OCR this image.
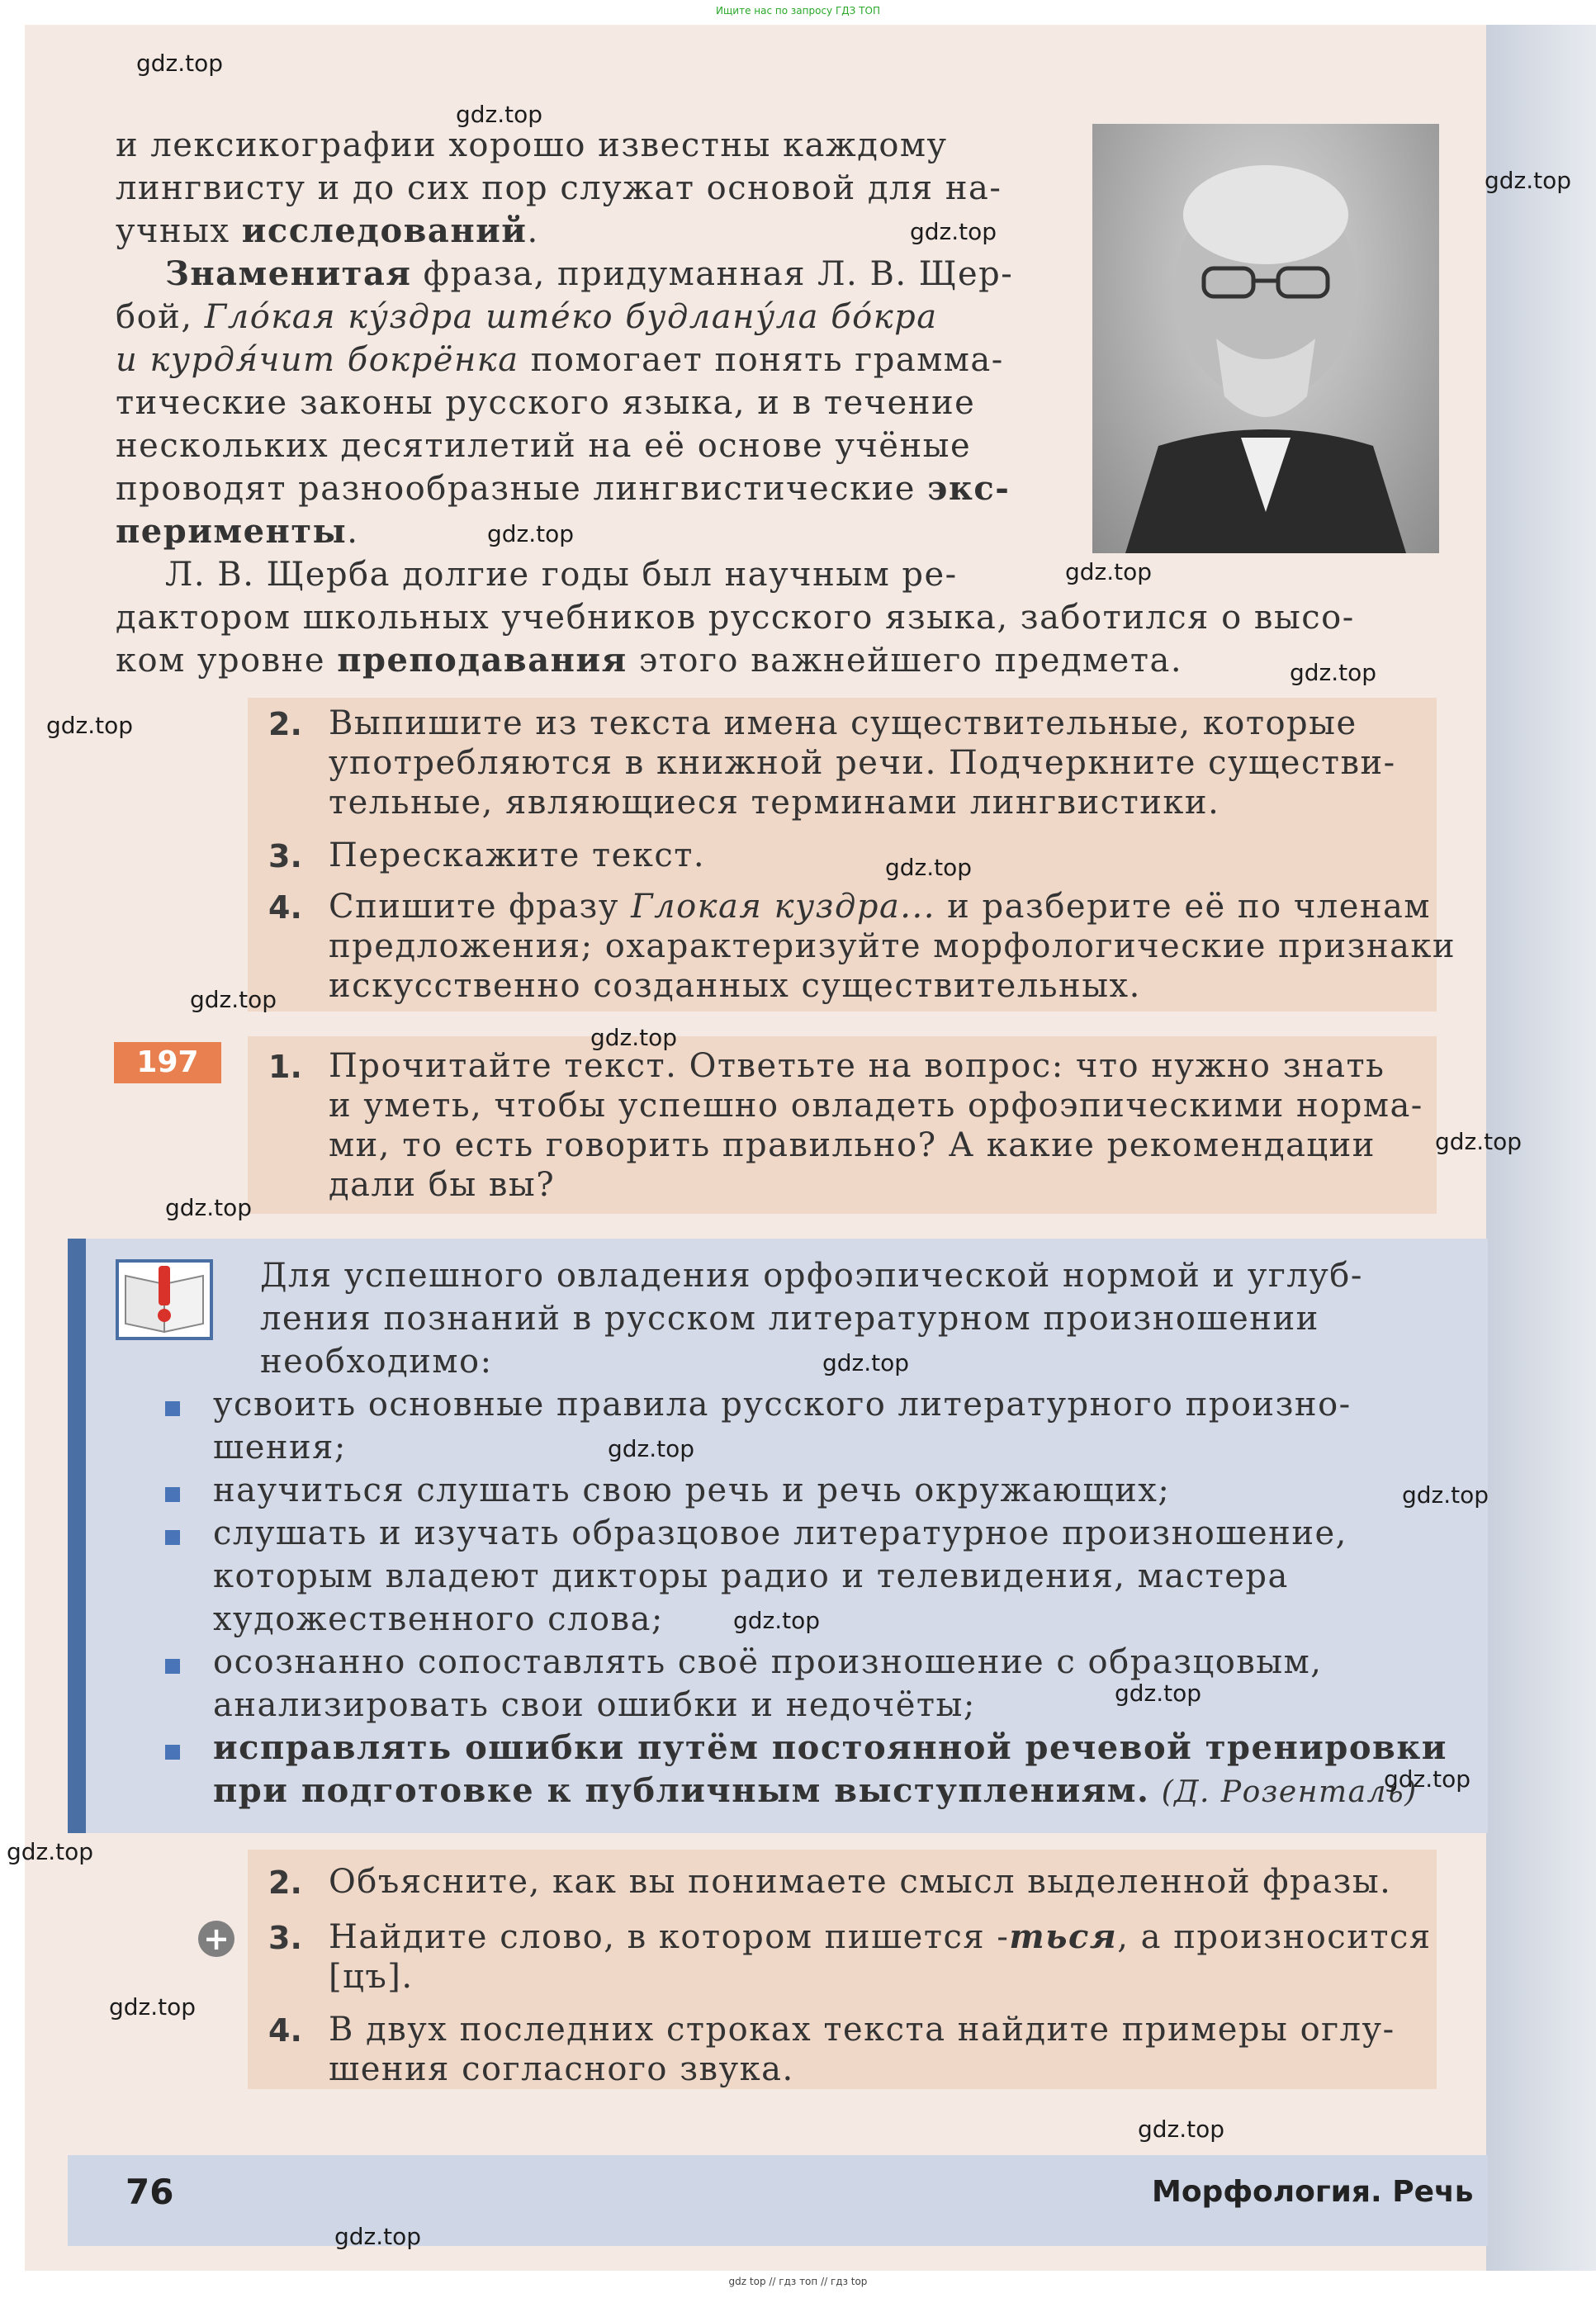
Ищите нас по запросу ГДЗ ТОП
gdz top // гдз топ // гдз top
и лексикографии хорошо известны каждому
лингвисту и до сих пор служат основой для на-
учных исследований.
Знаменитая фраза, придуманная Л. В. Щер-
бой, Гло́кая ку́здра ште́ко будлану́ла бо́кра
и курдя́чит бокрёнка помогает понять граммa-
тические законы русского языка, и в течение
нескольких десятилетий на её основе учёные
проводят разнообразные лингвистические экс-
перименты.
Л. В. Щерба долгие годы был научным ре-
дактором школьных учебников русского языка, заботился о высо-
ком уровне преподавания этого важнейшего предмета.
2. Выпишите из текста имена существительные, которые
употребляются в книжной речи. Подчеркните существи-
тельные, являющиеся терминами лингвистики.
3. Перескажите текст.
4. Спишите фразу Глокая куздра... и разберите её по членам
предложения; охарактеризуйте морфологические признаки
искусственно созданных существительных.
197	1. Прочитайте текст. Ответьте на вопрос: что нужно знать
и уметь, чтобы успешно овладеть орфоэпическими норма-
ми, то есть говорить правильно? А какие рекомендации
дали бы вы?
Для успешного овладения орфоэпической нормой и углуб-
ления познаний в русском литературном произношении
необходимо:
усвоить основные правила русского литературного произно-
шения;
научиться слушать свою речь и речь окружающих;
слушать и изучать образцовое литературное произношение,
которым владеют дикторы радио и телевидения, мастера
художественного слова;
осознанно сопоставлять своё произношение с образцовым,
анализировать свои ошибки и недочёты;
исправлять ошибки путём постоянной речевой тренировки
при подготовке к публичным выступлениям. (Д. Розенталь)
+
2. Объясните, как вы понимаете смысл выделенной фразы.
3. Найдите слово, в котором пишется -ться, а произносится
[цъ].
4. В двух последних строках текста найдите примеры оглу-
шения согласного звука.
76	Морфология. Речь
gdz.top
gdz.top
gdz.top
gdz.top
gdz.top
gdz.top
gdz.top
gdz.top
gdz.top
gdz.top
gdz.top
gdz.top
gdz.top
gdz.top
gdz.top
gdz.top
gdz.top
gdz.top
gdz.top
gdz.top
gdz.top
gdz.top
gdz.top
